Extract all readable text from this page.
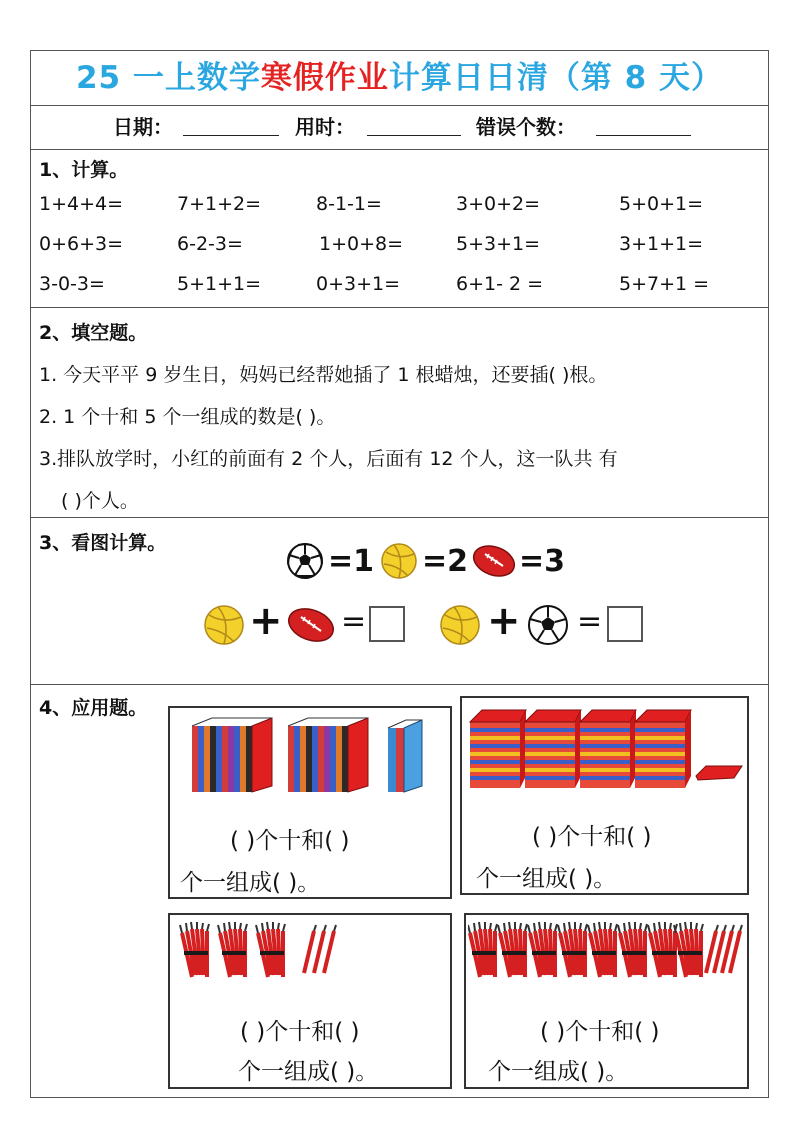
25 一上数学寒假作业计算日日清（第 8 天）
日期：	用时：	错误个数：
1、计算。
1+4+4=	7+1+2=	8-1-1=	3+0+2=	5+0+1=
0+6+3=	6-2-3=	1+0+8=	5+3+1=	3+1+1=
3-0-3=	5+1+1=	0+3+1=	6+1- 2 =	5+7+1 =
2、填空题。
1. 今天平平 9 岁生日，妈妈已经帮她插了 1 根蜡烛，还要插( )根。
2. 1 个十和 5 个一组成的数是( )。
3.排队放学时，小红的前面有 2 个人，后面有 12 个人，这一队共 有
( )个人。
3、看图计算。
=1 =2 =3
+ =	+ =
4、应用题。
( )个十和( )
个一组成( )。
( )个十和( )
个一组成( )。
( )个十和( )
个一组成( )。
( )个十和( )
个一组成( )。
